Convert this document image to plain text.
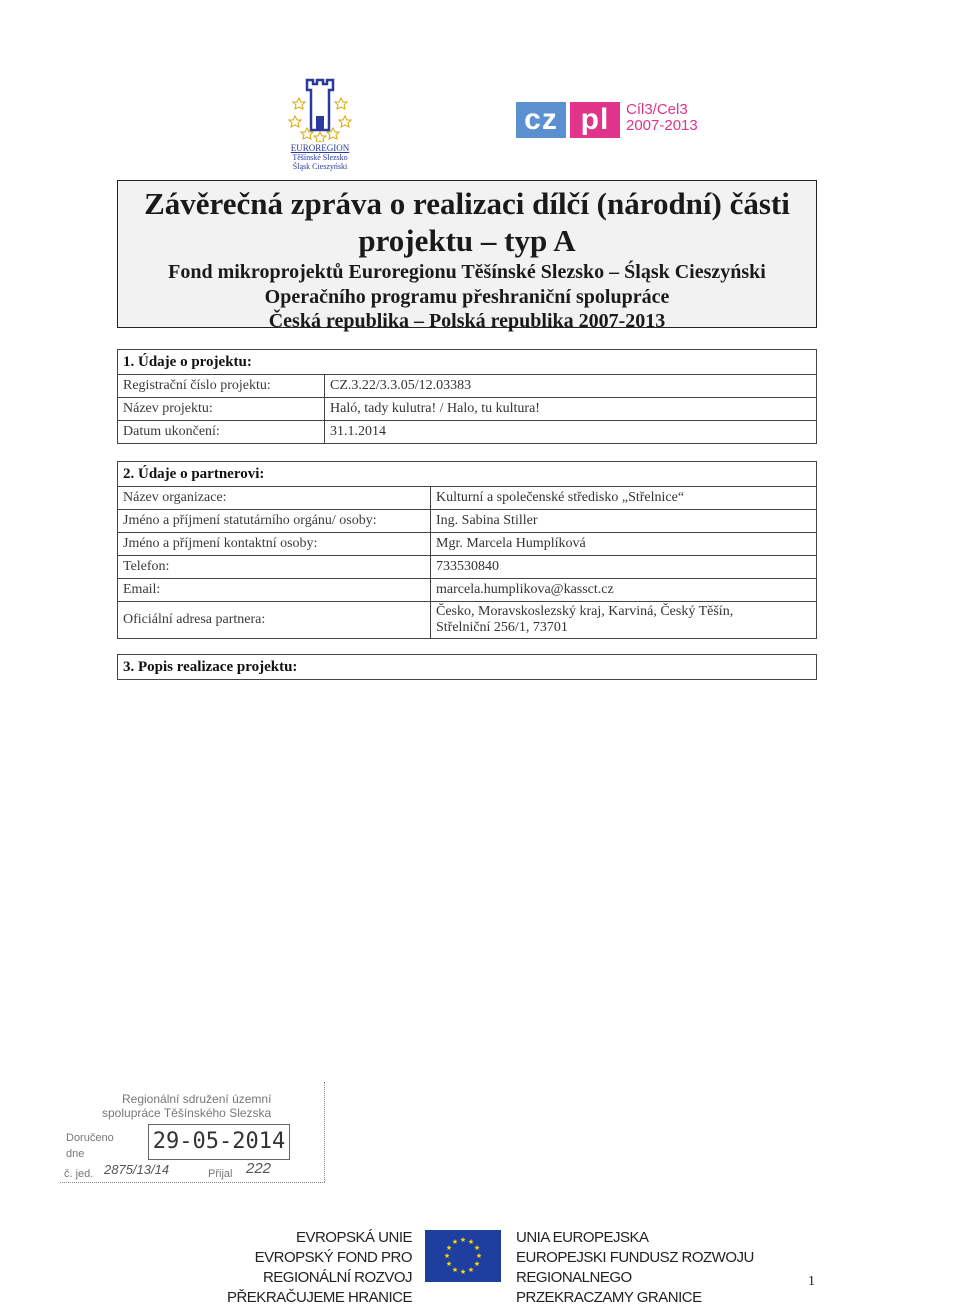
EUROREGION
Těšínské Slezsko
Śląsk Cieszyński
cz pl	Cíl3/Cel3
2007-2013
Závěrečná zpráva o realizaci dílčí (národní) části
projektu – typ A
Fond mikroprojektů Euroregionu Těšínské Slezsko – Śląsk Cieszyński
Operačního programu přeshraniční spolupráce
Česká republika – Polská republika 2007-2013
1. Údaje o projektu:	
Registrační číslo projektu:	CZ.3.22/3.3.05/12.03383
Název projektu:	Haló, tady kulutra! / Halo, tu kultura!
Datum ukončení:	31.1.2014
2. Údaje o partnerovi:	
Název organizace:	Kulturní a společenské středisko „Střelnice“
Jméno a příjmení statutárního orgánu/ osoby:	Ing. Sabina Stiller
Jméno a příjmení kontaktní osoby:	Mgr. Marcela Humplíková
Telefon:	733530840
Email:	marcela.humplikova@kassct.cz
Oficiální adresa partnera:	Česko, Moravskoslezský kraj, Karviná, Český Těšín,
Střelniční 256/1, 73701
3. Popis realizace projektu:
Regionální sdružení územní
spolupráce Těšínského Slezska
Doručeno
dne	29-05-2014
č. jed. 2875/13/14	Přijal 222
EVROPSKÁ UNIE
EVROPSKÝ FOND PRO REGIONÁLNÍ ROZVOJ
PŘEKRAČUJEME HRANICE
★ ★
★
★
★
★
★
★
★
★
★
★	UNIA EUROPEJSKA
EUROPEJSKI FUNDUSZ ROZWOJU REGIONALNEGO
PRZEKRACZAMY GRANICE
1
